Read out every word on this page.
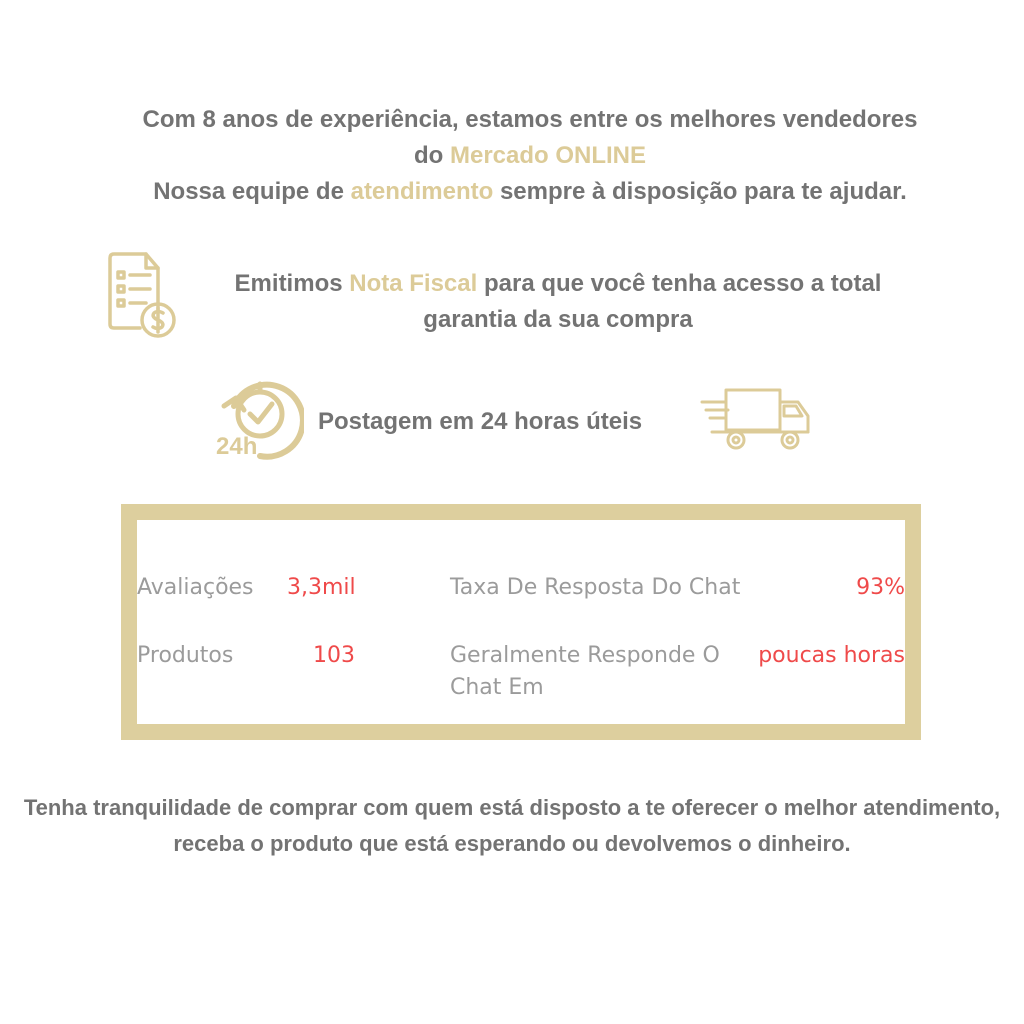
Com 8 anos de experiência, estamos entre os melhores vendedores
do Mercado ONLINE
Nossa equipe de atendimento sempre à disposição para te ajudar.
Emitimos Nota Fiscal para que você tenha acesso a total garantia da sua compra
24h
Postagem em 24 horas úteis
Avaliações 3,3mil
Produtos	103
Taxa De Resposta Do Chat	93%
Geralmente Responde O Chat Em
poucas horas
Tenha tranquilidade de comprar com quem está disposto a te oferecer o melhor atendimento, receba o produto que está esperando ou devolvemos o dinheiro.
